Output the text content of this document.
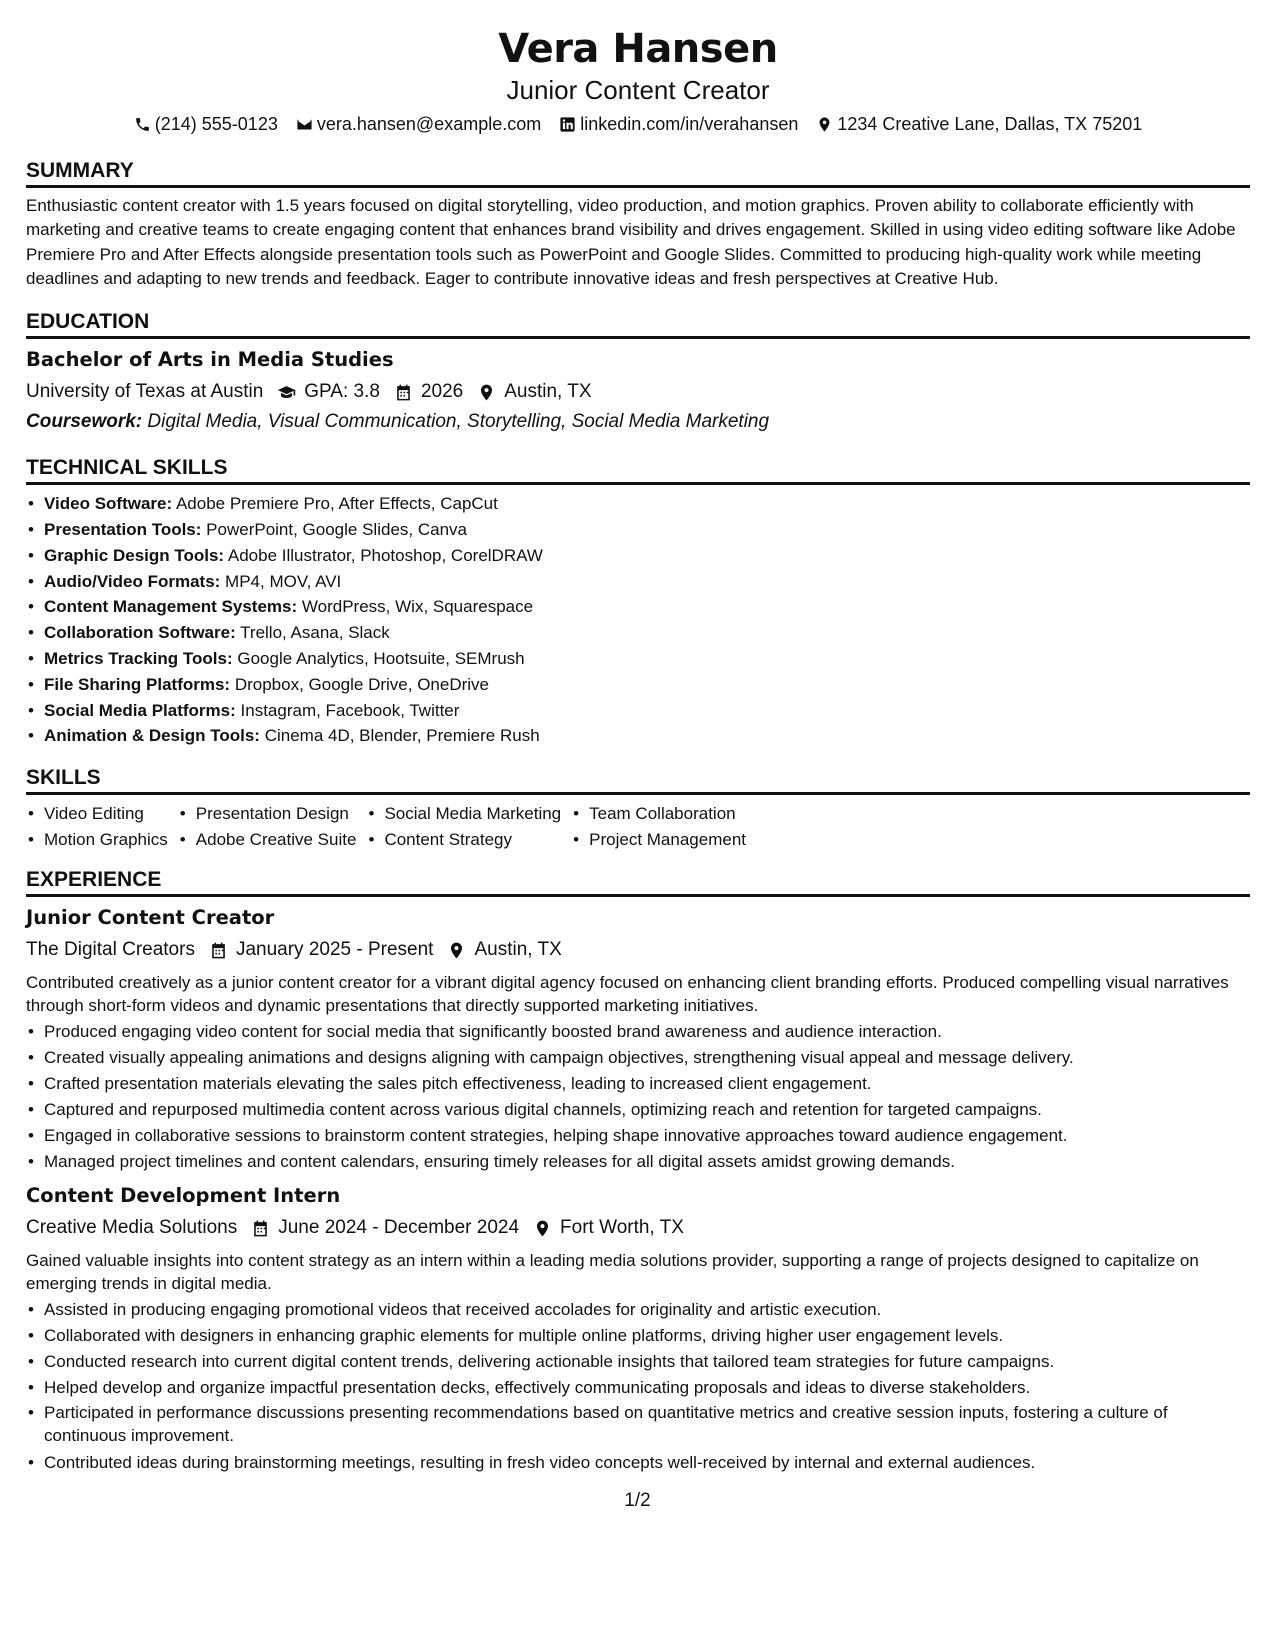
Vera Hansen
Junior Content Creator
(214) 555-0123 vera.hansen@example.com linkedin.com/in/verahansen 1234 Creative Lane, Dallas, TX 75201
SUMMARY

Enthusiastic content creator with 1.5 years focused on digital storytelling, video production, and motion graphics. Proven ability to collaborate efficiently with marketing and creative teams to create engaging content that enhances brand visibility and drives engagement. Skilled in using video editing software like Adobe Premiere Pro and After Effects alongside presentation tools such as PowerPoint and Google Slides. Committed to producing high-quality work while meeting deadlines and adapting to new trends and feedback. Eager to contribute innovative ideas and fresh perspectives at Creative Hub.

EDUCATION
Bachelor of Arts in Media Studies
University of Texas at Austin GPA: 3.8 2026 Austin, TX
Coursework: Digital Media, Visual Communication, Storytelling, Social Media Marketing
TECHNICAL SKILLS
• Video Software: Adobe Premiere Pro, After Effects, CapCut
• Presentation Tools: PowerPoint, Google Slides, Canva
• Graphic Design Tools: Adobe Illustrator, Photoshop, CorelDRAW
• Audio/Video Formats: MP4, MOV, AVI
• Content Management Systems: WordPress, Wix, Squarespace
• Collaboration Software: Trello, Asana, Slack
• Metrics Tracking Tools: Google Analytics, Hootsuite, SEMrush
• File Sharing Platforms: Dropbox, Google Drive, OneDrive
• Social Media Platforms: Instagram, Facebook, Twitter
• Animation & Design Tools: Cinema 4D, Blender, Premiere Rush
SKILLS
• Video Editing
• Motion Graphics
• Presentation Design
• Adobe Creative Suite
• Social Media Marketing
• Content Strategy
• Team Collaboration
• Project Management
EXPERIENCE
Junior Content Creator
The Digital Creators January 2025 - Present Austin, TX

Contributed creatively as a junior content creator for a vibrant digital agency focused on enhancing client branding efforts. Produced compelling visual narratives through short-form videos and dynamic presentations that directly supported marketing initiatives.

• Produced engaging video content for social media that significantly boosted brand awareness and audience interaction.
• Created visually appealing animations and designs aligning with campaign objectives, strengthening visual appeal and message delivery.
• Crafted presentation materials elevating the sales pitch effectiveness, leading to increased client engagement.
• Captured and repurposed multimedia content across various digital channels, optimizing reach and retention for targeted campaigns.
• Engaged in collaborative sessions to brainstorm content strategies, helping shape innovative approaches toward audience engagement.
• Managed project timelines and content calendars, ensuring timely releases for all digital assets amidst growing demands.
Content Development Intern
Creative Media Solutions June 2024 - December 2024 Fort Worth, TX

Gained valuable insights into content strategy as an intern within a leading media solutions provider, supporting a range of projects designed to capitalize on emerging trends in digital media.

• Assisted in producing engaging promotional videos that received accolades for originality and artistic execution.
• Collaborated with designers in enhancing graphic elements for multiple online platforms, driving higher user engagement levels.
• Conducted research into current digital content trends, delivering actionable insights that tailored team strategies for future campaigns.
• Helped develop and organize impactful presentation decks, effectively communicating proposals and ideas to diverse stakeholders.
• Participated in performance discussions presenting recommendations based on quantitative metrics and creative session inputs, fostering a culture of continuous improvement.
• Contributed ideas during brainstorming meetings, resulting in fresh video concepts well-received by internal and external audiences.
1/2
